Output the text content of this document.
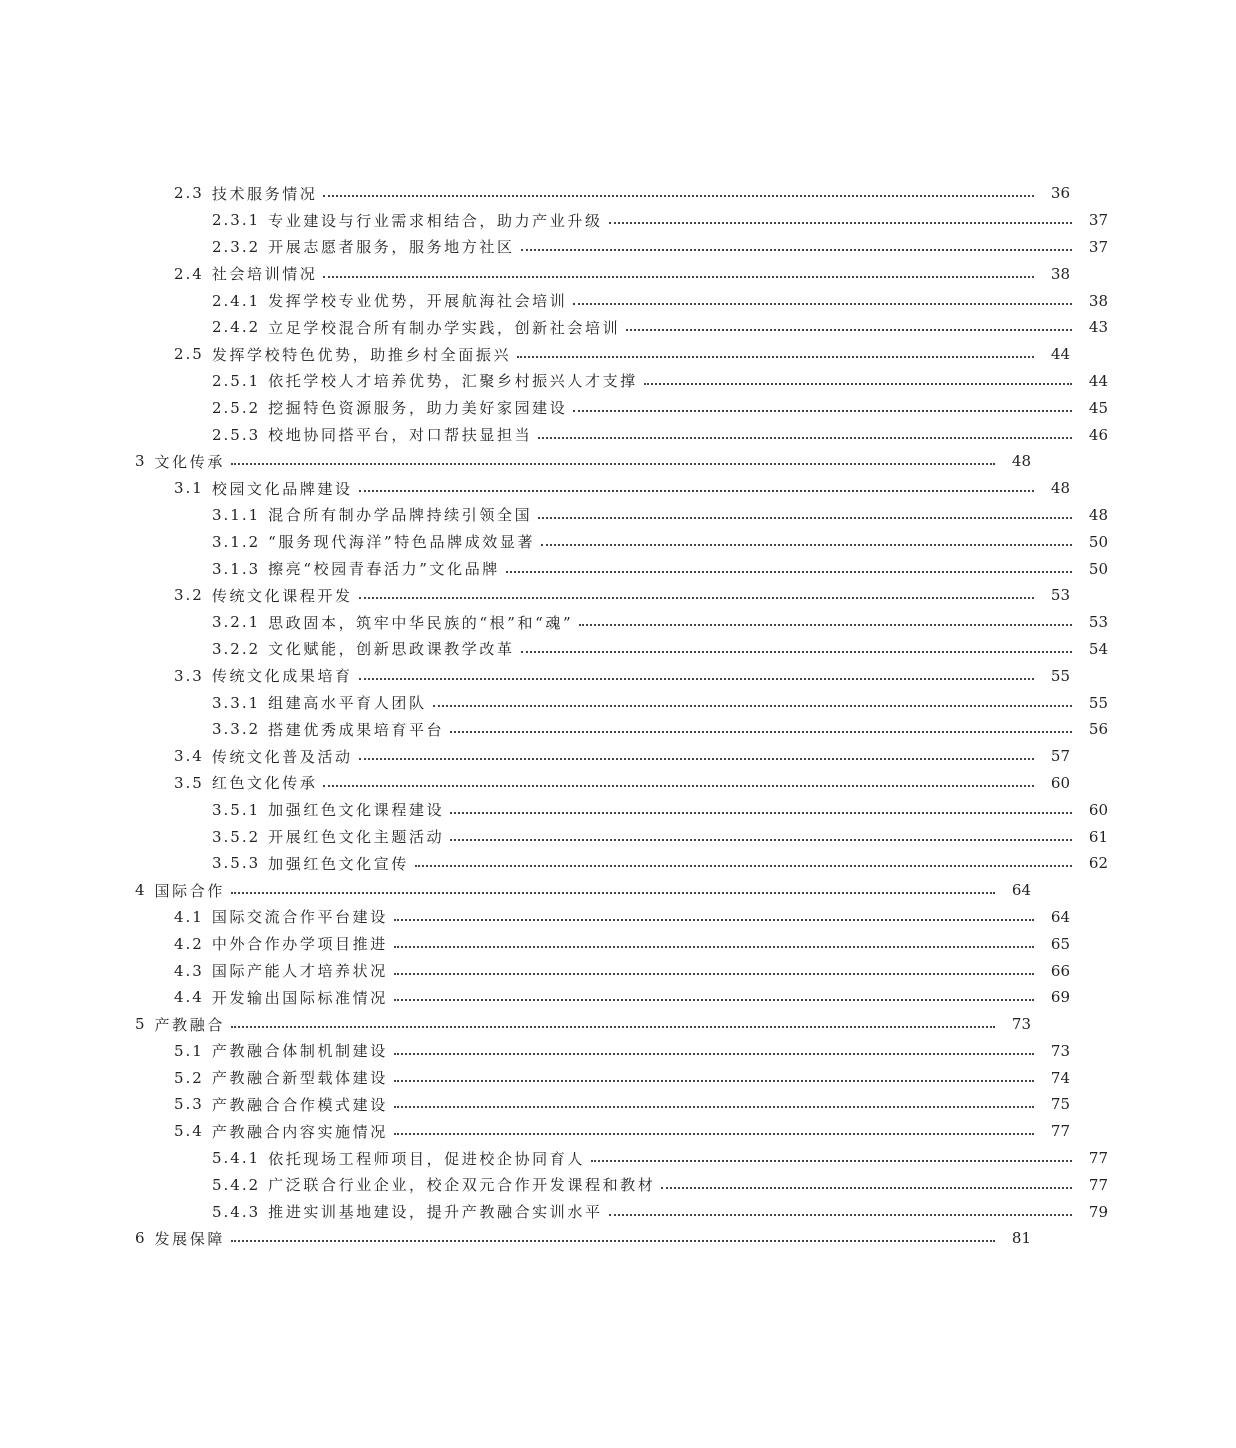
2.3 技术服务情况	36
2.3.1 专业建设与行业需求相结合，助力产业升级	37
2.3.2 开展志愿者服务，服务地方社区	37
2.4 社会培训情况	38
2.4.1 发挥学校专业优势，开展航海社会培训	38
2.4.2 立足学校混合所有制办学实践，创新社会培训	43
2.5 发挥学校特色优势，助推乡村全面振兴	44
2.5.1 依托学校人才培养优势，汇聚乡村振兴人才支撑	44
2.5.2 挖掘特色资源服务，助力美好家园建设	45
2.5.3 校地协同搭平台，对口帮扶显担当	46
3 文化传承	48
3.1 校园文化品牌建设	48
3.1.1 混合所有制办学品牌持续引领全国	48
3.1.2 “服务现代海洋”特色品牌成效显著	50
3.1.3 擦亮“校园青春活力”文化品牌	50
3.2 传统文化课程开发	53
3.2.1 思政固本，筑牢中华民族的“根”和“魂”	53
3.2.2 文化赋能，创新思政课教学改革	54
3.3 传统文化成果培育	55
3.3.1 组建高水平育人团队	55
3.3.2 搭建优秀成果培育平台	56
3.4 传统文化普及活动	57
3.5 红色文化传承	60
3.5.1 加强红色文化课程建设	60
3.5.2 开展红色文化主题活动	61
3.5.3 加强红色文化宣传	62
4 国际合作	64
4.1 国际交流合作平台建设	64
4.2 中外合作办学项目推进	65
4.3 国际产能人才培养状况	66
4.4 开发输出国际标准情况	69
5 产教融合	73
5.1 产教融合体制机制建设	73
5.2 产教融合新型载体建设	74
5.3 产教融合合作模式建设	75
5.4 产教融合内容实施情况	77
5.4.1 依托现场工程师项目，促进校企协同育人	77
5.4.2 广泛联合行业企业，校企双元合作开发课程和教材	77
5.4.3 推进实训基地建设，提升产教融合实训水平	79
6 发展保障	81
